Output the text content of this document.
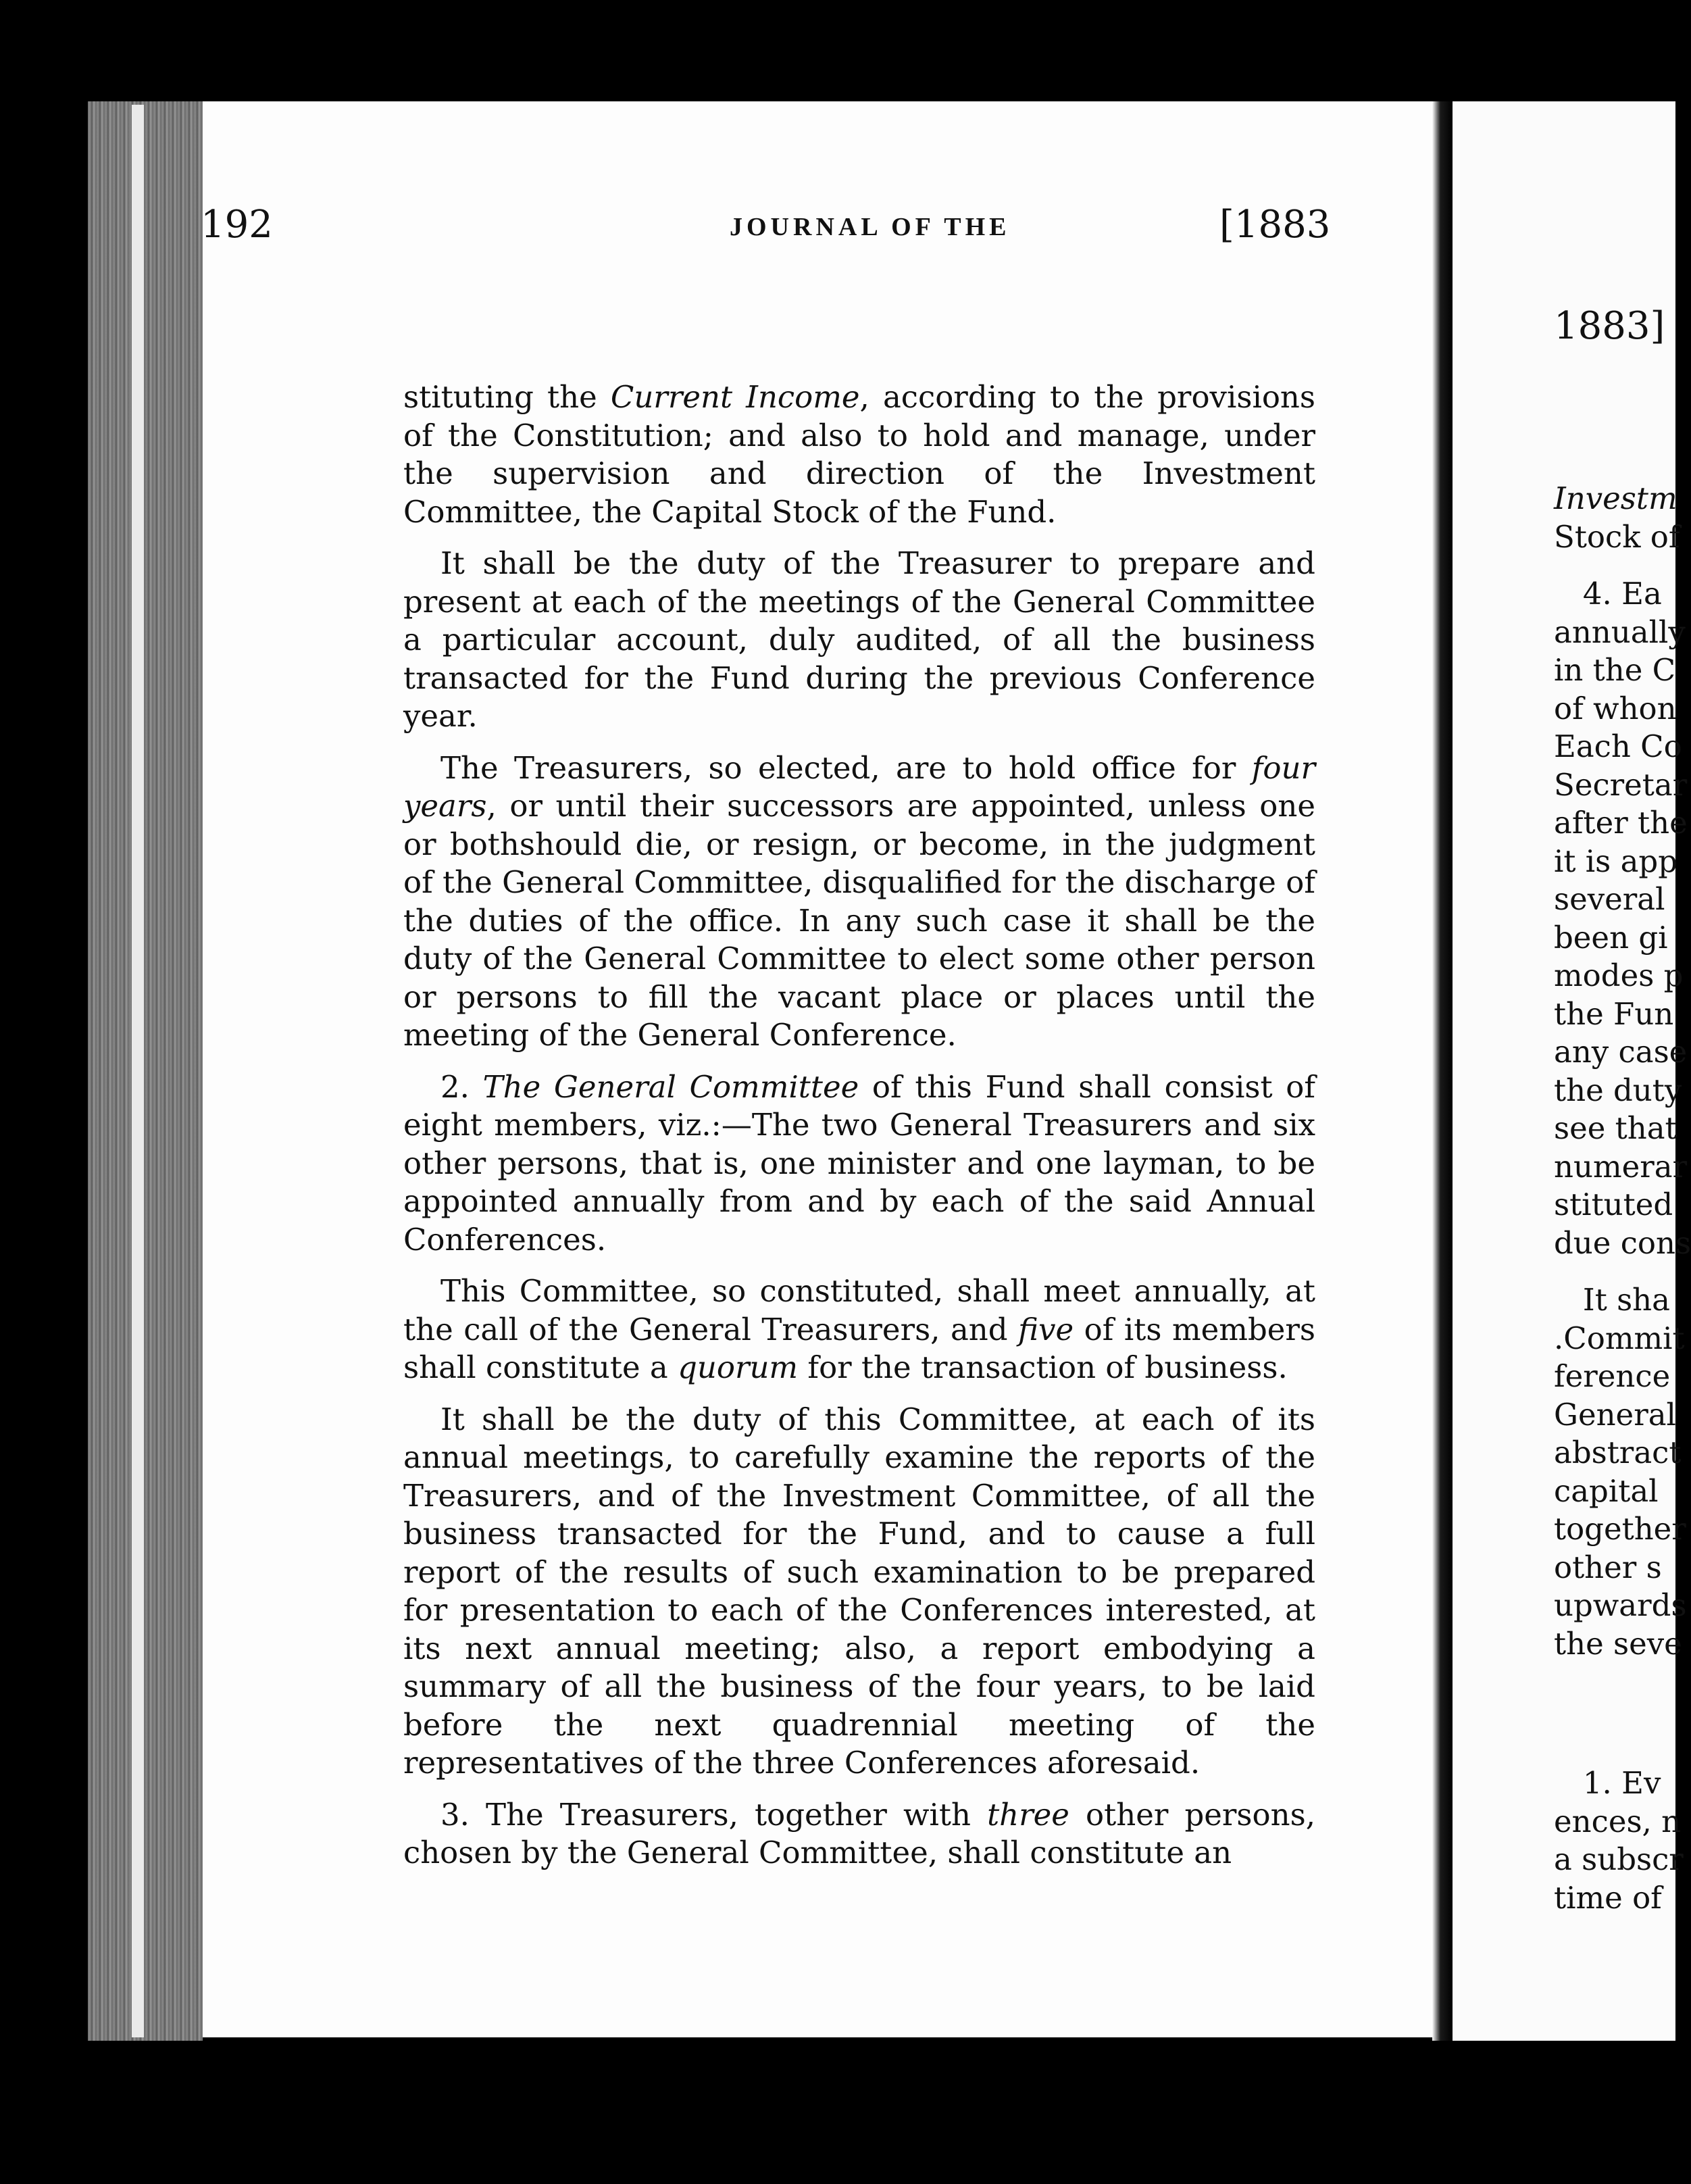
1883]
Investm
Stock of
4. Ea
annually
in the C
of whon
Each Co
Secretar
after the
it is app
several
been gi
modes p
the Fun
any case
the duty
see that
numerar
stituted
due cons
It sha
.Commit
ference
General
abstract
capital
together
other s
upwards
the seve
1. Ev
ences, n
a subscr
time of
192	JOURNAL OF THE	[1883

stituting the Current Income, according to the provisions of the Constitution; and also to hold and manage, under the supervision and direction of the Investment Committee, the Capital Stock of the Fund.

It shall be the duty of the Treasurer to prepare and present at each of the meetings of the General Committee a particular account, duly audited, of all the business transacted for the Fund during the previous Conference year.

The Treasurers, so elected, are to hold office for four years, or until their successors are appointed, unless one or bothshould die, or resign, or become, in the judgment of the General Committee, disqualified for the discharge of the duties of the office. In any such case it shall be the duty of the General Committee to elect some other person or persons to fill the vacant place or places until the meeting of the General Conference.

2. The General Committee of this Fund shall consist of eight members, viz.:—The two General Treasurers and six other persons, that is, one minister and one layman, to be appointed annually from and by each of the said Annual Conferences.

This Committee, so constituted, shall meet annually, at the call of the General Treasurers, and five of its members shall constitute a quorum for the transaction of business.

It shall be the duty of this Committee, at each of its annual meetings, to carefully examine the reports of the Treasurers, and of the Investment Committee, of all the business transacted for the Fund, and to cause a full report of the results of such examination to be prepared for presentation to each of the Conferences interested, at its next annual meeting; also, a report embodying a summary of all the business of the four years, to be laid before the next quadrennial meeting of the representatives of the three Conferences aforesaid.

3. The Treasurers, together with three other persons, chosen by the General Committee, shall constitute an
